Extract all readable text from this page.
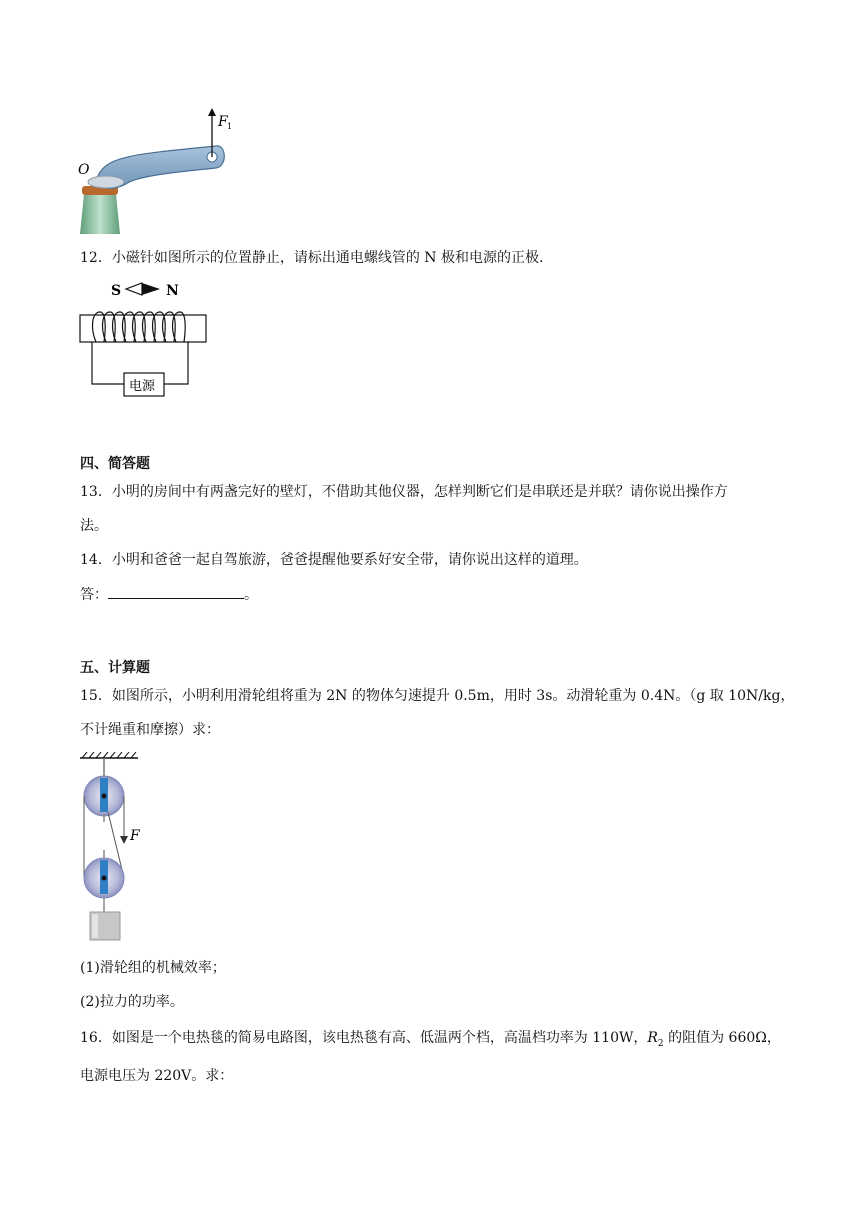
F 1
O
12．小磁针如图所示的位置静止，请标出通电螺线管的 N 极和电源的正极.
S	N
电源
四、简答题
13．小明的房间中有两盏完好的壁灯，不借助其他仪器，怎样判断它们是串联还是并联？请你说出操作方
法。
14．小明和爸爸一起自驾旅游，爸爸提醒他要系好安全带，请你说出这样的道理。
答：	。
五、计算题
15．如图所示，小明利用滑轮组将重为 2N 的物体匀速提升 0.5m，用时 3s。动滑轮重为 0.4N。（g 取 10N/kg，
不计绳重和摩擦）求：
F
(1)滑轮组的机械效率；
(2)拉力的功率。
16．如图是一个电热毯的简易电路图，该电热毯有高、低温两个档，高温档功率为 110W，$R_2$ 的阻值为 660Ω，
电源电压为 220V。求：
